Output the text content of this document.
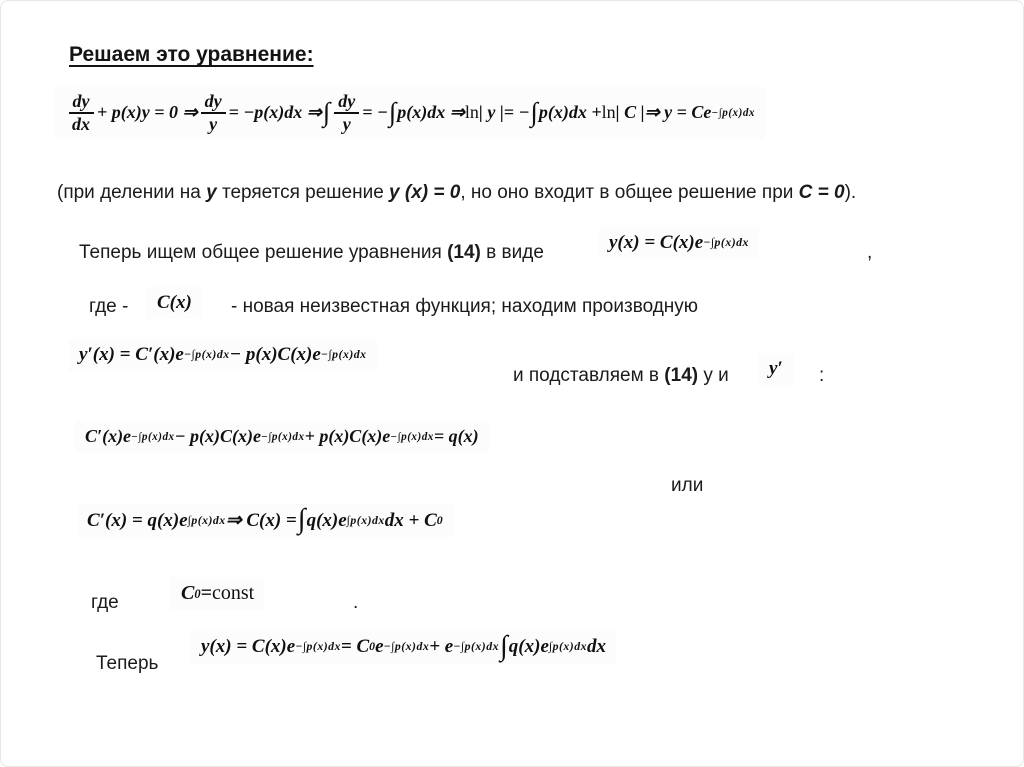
Решаем это уравнение:
$\frac{dy}{dx} + p(x)y = 0$ ⇒ $\frac{dy}{y} = -p(x)dx$ ⇒ ∫ $\frac{dy}{y}$ = − ∫ p(x)dx ⇒ ln | y |= − ∫ p(x)dx + ln | C |⇒ y = Ce −∫p(x)dx
(при делении на у теряется решение у (х) = 0, но оно входит в общее решение при С = 0).
Теперь ищем общее решение уравнения (14) в виде	y(x) = C(x)e −∫p(x)dx	,
где -	C(x)	- новая неизвестная функция; находим производную
y′(x) = C′(x)e −∫p(x)dx − p(x)C(x)e −∫p(x)dx
и подставляем в (14) у и	y′	:
C′(x)e −∫p(x)dx − p(x)C(x)e −∫p(x)dx + p(x)C(x)e −∫p(x)dx = q(x)
или
C′(x) = q(x)e ∫p(x)dx ⇒ C(x) = ∫ q(x)e ∫p(x)dx dx + C 0
где	C 0 = const	.
Теперь
y(x) = C(x)e −∫p(x)dx = C 0 e −∫p(x)dx + e −∫p(x)dx ∫ q(x)e ∫p(x)dx dx
